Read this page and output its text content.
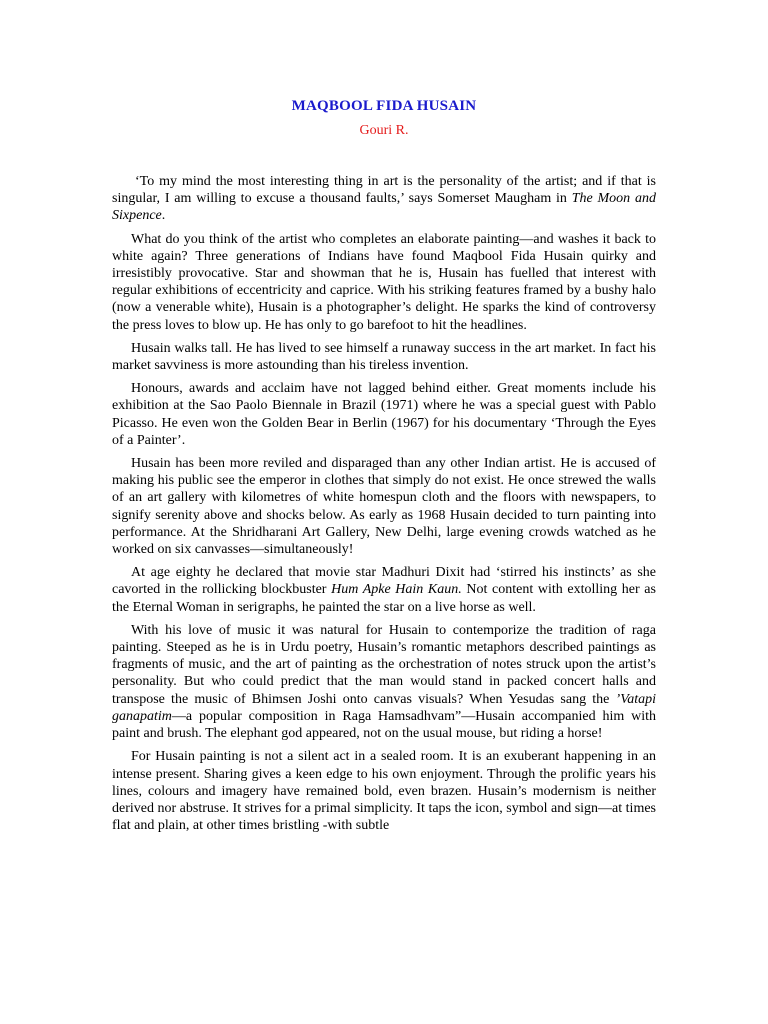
MAQBOOL FIDA HUSAIN
Gouri R.

‘To my mind the most interesting thing in art is the personality of the artist; and if that is singular, I am willing to excuse a thousand faults,’ says Somerset Maugham in The Moon and Sixpence.

What do you think of the artist who completes an elaborate painting—and washes it back to white again? Three generations of Indians have found Maqbool Fida Husain quirky and irresistibly provocative. Star and showman that he is, Husain has fuelled that interest with regular exhibitions of eccentricity and caprice. With his striking features framed by a bushy halo (now a venerable white), Husain is a photographer’s delight. He sparks the kind of controversy the press loves to blow up. He has only to go barefoot to hit the headlines.

Husain walks tall. He has lived to see himself a runaway success in the art market. In fact his market savviness is more astounding than his tireless invention.

Honours, awards and acclaim have not lagged behind either. Great moments include his exhibition at the Sao Paolo Biennale in Brazil (1971) where he was a special guest with Pablo Picasso. He even won the Golden Bear in Berlin (1967) for his documentary ‘Through the Eyes of a Painter’.

Husain has been more reviled and disparaged than any other Indian artist. He is accused of making his public see the emperor in clothes that simply do not exist. He once strewed the walls of an art gallery with kilometres of white homespun cloth and the floors with newspapers, to signify serenity above and shocks below. As early as 1968 Husain decided to turn painting into performance. At the Shridharani Art Gallery, New Delhi, large evening crowds watched as he worked on six canvasses—simultaneously!

At age eighty he declared that movie star Madhuri Dixit had ‘stirred his instincts’ as she cavorted in the rollicking blockbuster Hum Apke Hain Kaun. Not content with extolling her as the Eternal Woman in serigraphs, he painted the star on a live horse as well.

With his love of music it was natural for Husain to contemporize the tradition of raga painting. Steeped as he is in Urdu poetry, Husain’s romantic metaphors described paintings as fragments of music, and the art of painting as the orchestration of notes struck upon the artist’s personality. But who could predict that the man would stand in packed concert halls and transpose the music of Bhimsen Joshi onto canvas visuals? When Yesudas sang the ’Vatapi ganapatim—a popular composition in Raga Hamsadhvam”—Husain accompanied him with paint and brush. The elephant god appeared, not on the usual mouse, but riding a horse!

For Husain painting is not a silent act in a sealed room. It is an exuberant happening in an intense present. Sharing gives a keen edge to his own enjoyment. Through the prolific years his lines, colours and imagery have remained bold, even brazen. Husain’s modernism is neither derived nor abstruse. It strives for a primal simplicity. It taps the icon, symbol and sign—at times flat and plain, at other times bristling -with subtle
